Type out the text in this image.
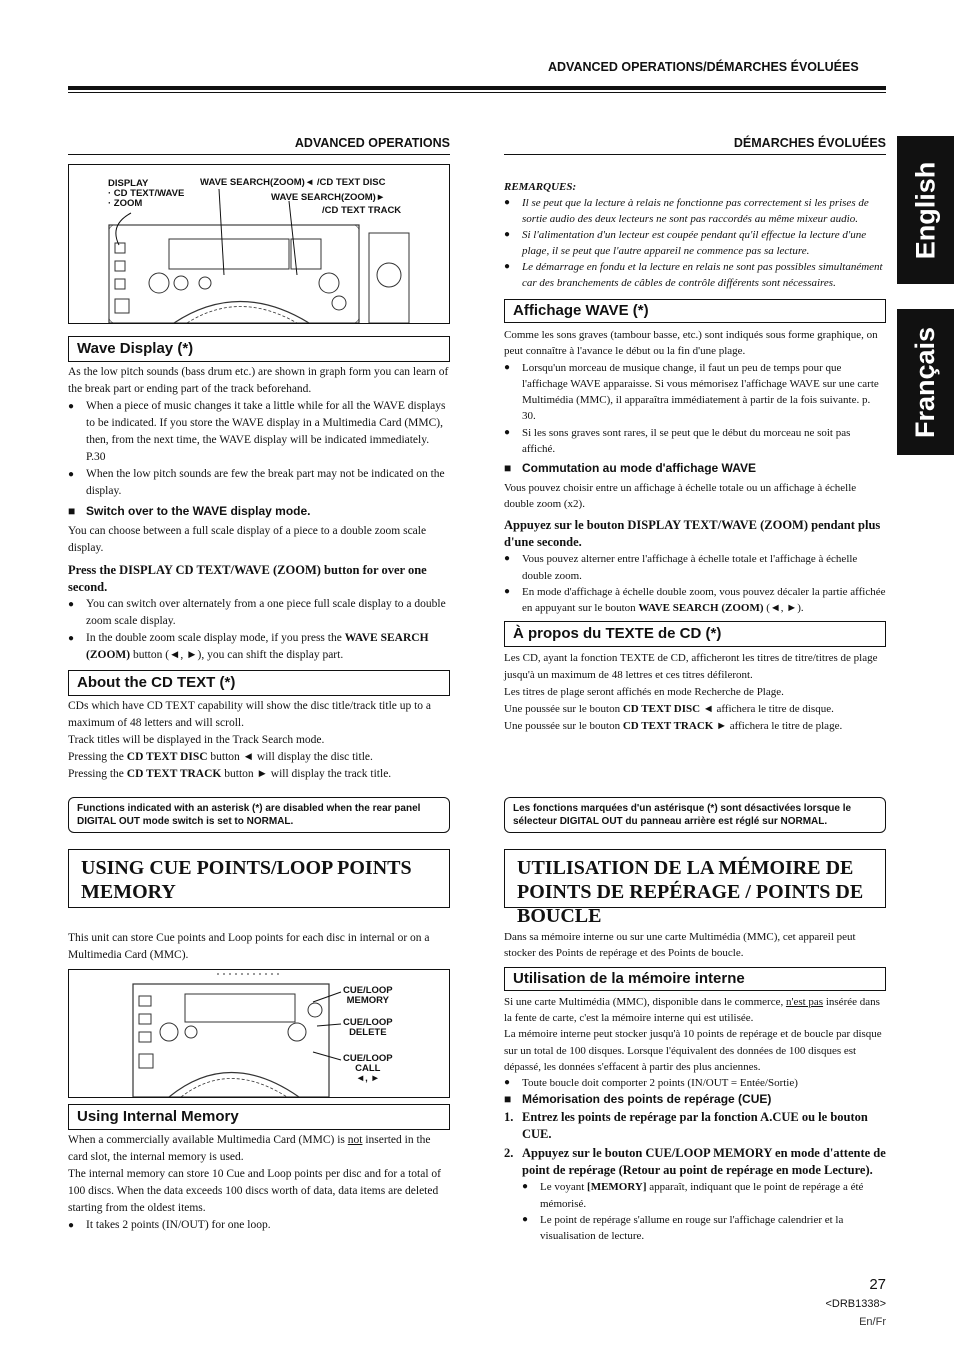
ADVANCED OPERATIONS/DÉMARCHES ÉVOLUÉES
English
Français
ADVANCED OPERATIONS
DISPLAY
· CD TEXT/WAVE
· ZOOM
WAVE SEARCH(ZOOM)◄ /CD TEXT DISC
WAVE SEARCH(ZOOM)►
/CD TEXT TRACK
Wave Display (*)

As the low pitch sounds (bass drum etc.) are shown in graph form you can learn of the break part or ending part of the track beforehand.

● When a piece of music changes it take a little while for all the WAVE displays to be indicated. If you store the WAVE display in a Multimedia Card (MMC), then, from the next time, the WAVE display will be indicated immediately. P.30

● When the low pitch sounds are few the break part may not be indicated on the display.

■ Switch over to the WAVE display mode.

You can choose between a full scale display of a piece to a double zoom scale display.

Press the DISPLAY CD TEXT/WAVE (ZOOM) button for over one second.

● You can switch over alternately from a one piece full scale display to a double zoom scale display.

● In the double zoom scale display mode, if you press the WAVE SEARCH (ZOOM) button (◄, ►), you can shift the display part.

About the CD TEXT (*)

CDs which have CD TEXT capability will show the disc title/track title up to a maximum of 48 letters and will scroll.

Track titles will be displayed in the Track Search mode.

Pressing the CD TEXT DISC button ◄ will display the disc title.

Pressing the CD TEXT TRACK button ► will display the track title.

Functions indicated with an asterisk (*) are disabled when the rear panel DIGITAL OUT mode switch is set to NORMAL.
USING CUE POINTS/LOOP POINTS MEMORY
This unit can store Cue points and Loop points for each disc in internal or on a Multimedia Card (MMC).
CUE/LOOP
MEMORY
CUE/LOOP
DELETE
CUE/LOOP
CALL
◄, ►
Using Internal Memory

When a commercially available Multimedia Card (MMC) is not inserted in the card slot, the internal memory is used.

The internal memory can store 10 Cue and Loop points per disc and for a total of 100 discs. When the data exceeds 100 discs worth of data, data items are deleted starting from the oldest items.

● It takes 2 points (IN/OUT) for one loop.

DÉMARCHES ÉVOLUÉES

REMARQUES:

● Il se peut que la lecture à relais ne fonctionne pas correctement si les prises de sortie audio des deux lecteurs ne sont pas raccordés au même mixeur audio.

● Si l'alimentation d'un lecteur est coupée pendant qu'il effectue la lecture d'une plage, il se peut que l'autre appareil ne commence pas sa lecture.

● Le démarrage en fondu et la lecture en relais ne sont pas possibles simultanément car des branchements de câbles de contrôle différents sont nécessaires.

Affichage WAVE (*)

Comme les sons graves (tambour basse, etc.) sont indiqués sous forme graphique, on peut connaître à l'avance le début ou la fin d'une plage.

● Lorsqu'un morceau de musique change, il faut un peu de temps pour que l'affichage WAVE apparaisse. Si vous mémorisez l'affichage WAVE sur une carte Multimédia (MMC), il apparaîtra immédiatement à partir de la fois suivante. p. 30.

● Si les sons graves sont rares, il se peut que le début du morceau ne soit pas affiché.

■ Commutation au mode d'affichage WAVE

Vous pouvez choisir entre un affichage à échelle totale ou un affichage à échelle double zoom (x2).

Appuyez sur le bouton DISPLAY TEXT/WAVE (ZOOM) pendant plus d'une seconde.

● Vous pouvez alterner entre l'affichage à échelle totale et l'affichage à échelle double zoom.

● En mode d'affichage à échelle double zoom, vous pouvez décaler la partie affichée en appuyant sur le bouton WAVE SEARCH (ZOOM) (◄, ►).

À propos du TEXTE de CD (*)

Les CD, ayant la fonction TEXTE de CD, afficheront les titres de titre/titres de plage jusqu'à un maximum de 48 lettres et ces titres défileront.

Les titres de plage seront affichés en mode Recherche de Plage.

Une poussée sur le bouton CD TEXT DISC ◄ affichera le titre de disque.

Une poussée sur le bouton CD TEXT TRACK ► affichera le titre de plage.

Les fonctions marquées d'un astérisque (*) sont désactivées lorsque le sélecteur DIGITAL OUT du panneau arrière est réglé sur NORMAL.
UTILISATION DE LA MÉMOIRE DE POINTS DE REPÉRAGE / POINTS DE BOUCLE
Dans sa mémoire interne ou sur une carte Multimédia (MMC), cet appareil peut stocker des Points de repérage et des Points de boucle.
Utilisation de la mémoire interne

Si une carte Multimédia (MMC), disponible dans le commerce, n'est pas insérée dans la fente de carte, c'est la mémoire interne qui est utilisée.

La mémoire interne peut stocker jusqu'à 10 points de repérage et de boucle par disque sur un total de 100 disques. Lorsque l'équivalent des données de 100 disques est dépassé, les données s'effacent à partir des plus anciennes.

● Toute boucle doit comporter 2 points (IN/OUT = Entée/Sortie)

■ Mémorisation des points de repérage (CUE)

1. Entrez les points de repérage par la fonction A.CUE ou le bouton CUE.

2. Appuyez sur le bouton CUE/LOOP MEMORY en mode d'attente de point de repérage (Retour au point de repérage en mode Lecture).

● Le voyant [MEMORY] apparaît, indiquant que le point de repérage a été mémorisé.

● Le point de repérage s'allume en rouge sur l'affichage calendrier et la visualisation de lecture.

27
<DRB1338>
En/Fr
